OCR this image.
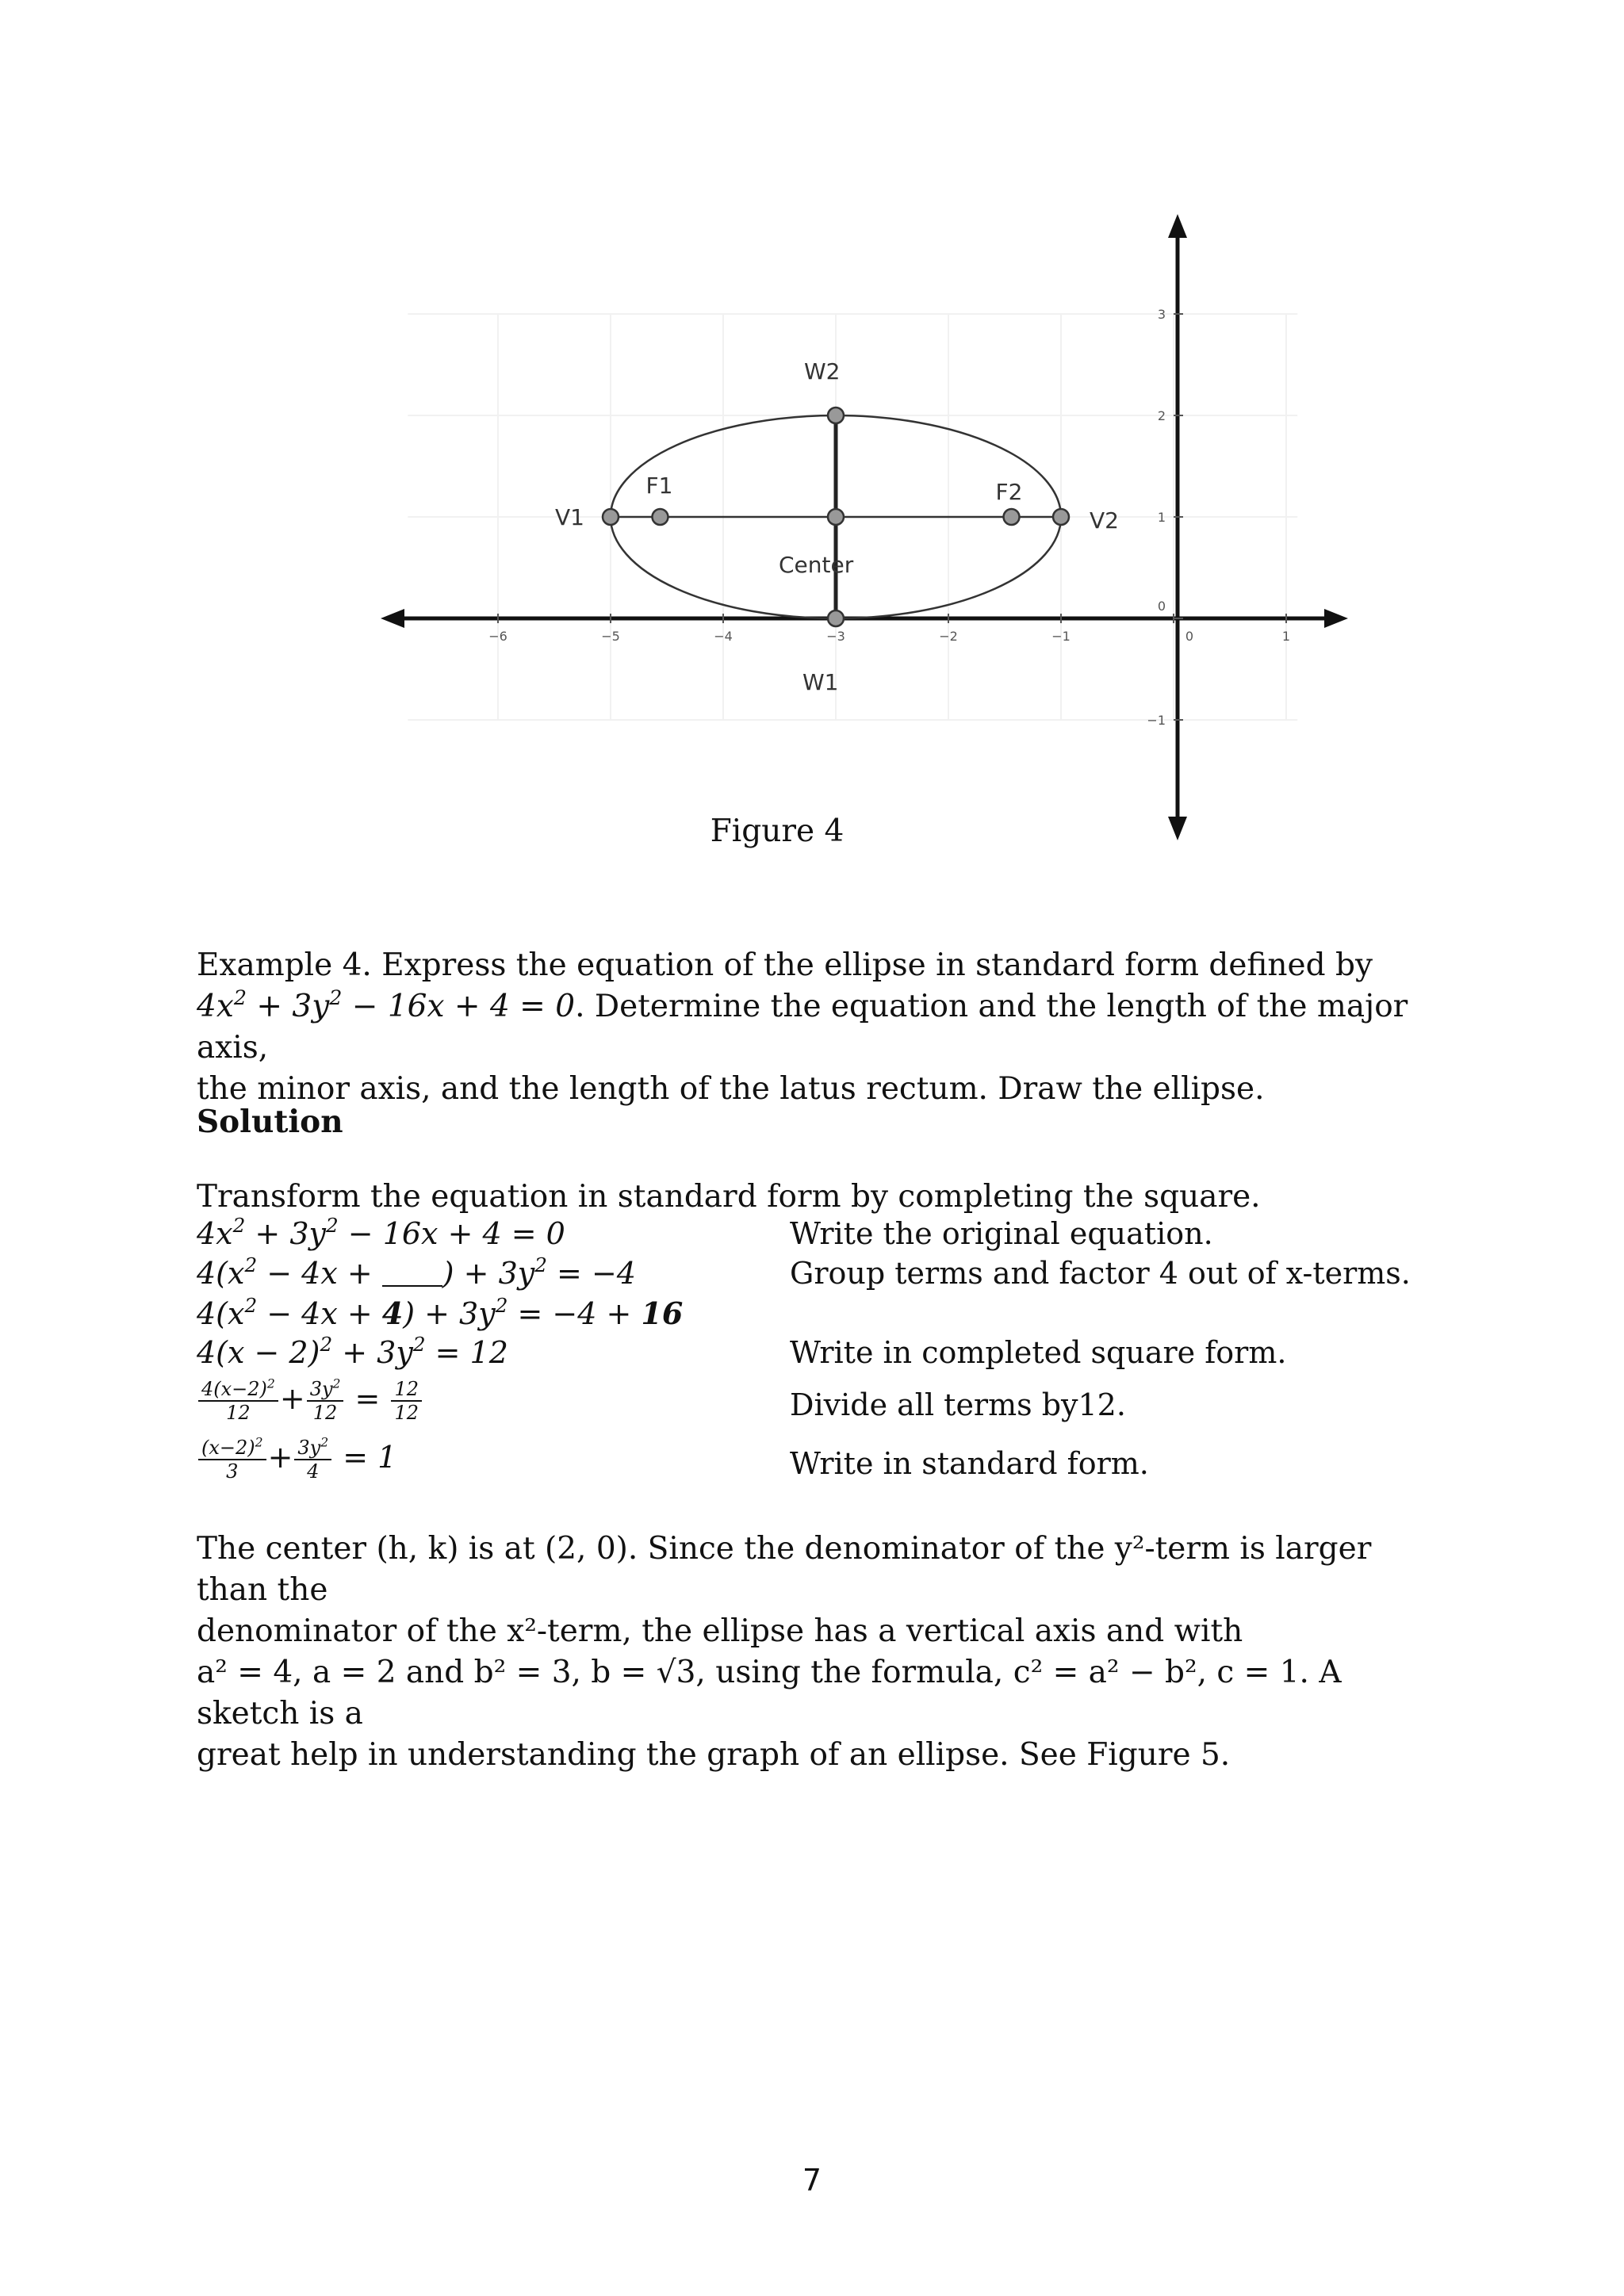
−6	−5	−4	−3	−2	−1	0	1
3
2
1
0
−1
V1
F1
Center
F2
V2
W2
W1
Figure 4
Example 4. Express the equation of the ellipse in standard form defined by
$4x^2 + 3y^2 - 16x + 4 = 0$. Determine the equation and the length of the major axis,
the minor axis, and the length of the latus rectum. Draw the ellipse.
Solution
Transform the equation in standard form by completing the square.
$4x^2 + 3y^2 - 16x + 4 = 0$	Write the original equation.
$4(x^2 - 4x$ + ) + $3y^2 = -4$	Group terms and factor 4 out of x-terms.
$4(x^2 - 4x + 4) + 3y^2 = -4 + 16$
$4(x - 2)^2 + 3y^2 = 12$	Write in completed square form.
$\frac{4(x-2)^2}{12} + \frac{3y^2}{12} = \frac{12}{12}$	Divide all terms by12.
$\frac{(x-2)^2}{3} + \frac{3y^2}{4} = 1$	Write in standard form.
The center (h, k) is at (2, 0). Since the denominator of the y²-term is larger than the
denominator of the x²-term, the ellipse has a vertical axis and with
a² = 4, a = 2 and b² = 3, b = √3, using the formula, c² = a² − b², c = 1. A sketch is a
great help in understanding the graph of an ellipse. See Figure 5.
7
